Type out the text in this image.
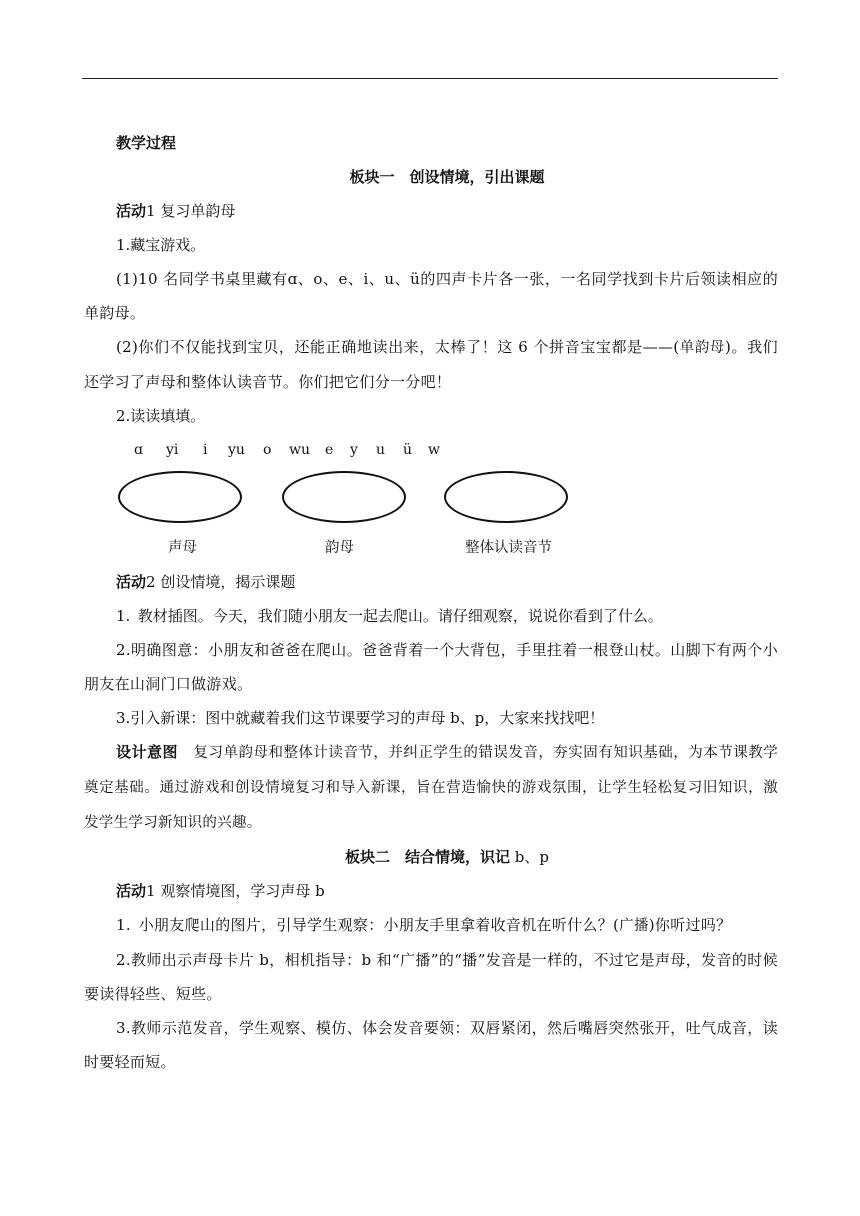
教学过程
板块一　创设情境，引出课题
活动1 复习单韵母
1.藏宝游戏。
(1)10 名同学书桌里藏有ɑ、o、e、i、u、ü的四声卡片各一张，一名同学找到卡片后领读相应的单韵母。
(2)你们不仅能找到宝贝，还能正确地读出来，太棒了！这 6 个拼音宝宝都是——(单韵母)。我们还学习了声母和整体认读音节。你们把它们分一分吧！
2.读读填填。
ɑ yi i yu o wu e y u ü w
声母	韵母	整体认读音节
活动2 创设情境，揭示课题
1. 教材插图。今天，我们随小朋友一起去爬山。请仔细观察，说说你看到了什么。
2.明确图意：小朋友和爸爸在爬山。爸爸背着一个大背包，手里拄着一根登山杖。山脚下有两个小朋友在山洞门口做游戏。
3.引入新课：图中就藏着我们这节课要学习的声母 b、p，大家来找找吧！
设计意图  复习单韵母和整体计读音节，并纠正学生的错误发音，夯实固有知识基础，为本节课教学奠定基础。通过游戏和创设情境复习和导入新课，旨在营造愉快的游戏氛围，让学生轻松复习旧知识，激发学生学习新知识的兴趣。
板块二　结合情境，识记 b、p
活动1 观察情境图，学习声母 b
1. 小朋友爬山的图片，引导学生观察：小朋友手里拿着收音机在听什么？(广播)你听过吗？
2.教师出示声母卡片 b，相机指导：b 和“广播”的“播”发音是一样的，不过它是声母，发音的时候要读得轻些、短些。
3.教师示范发音，学生观察、模仿、体会发音要领：双唇紧闭，然后嘴唇突然张开，吐气成音，读时要轻而短。
